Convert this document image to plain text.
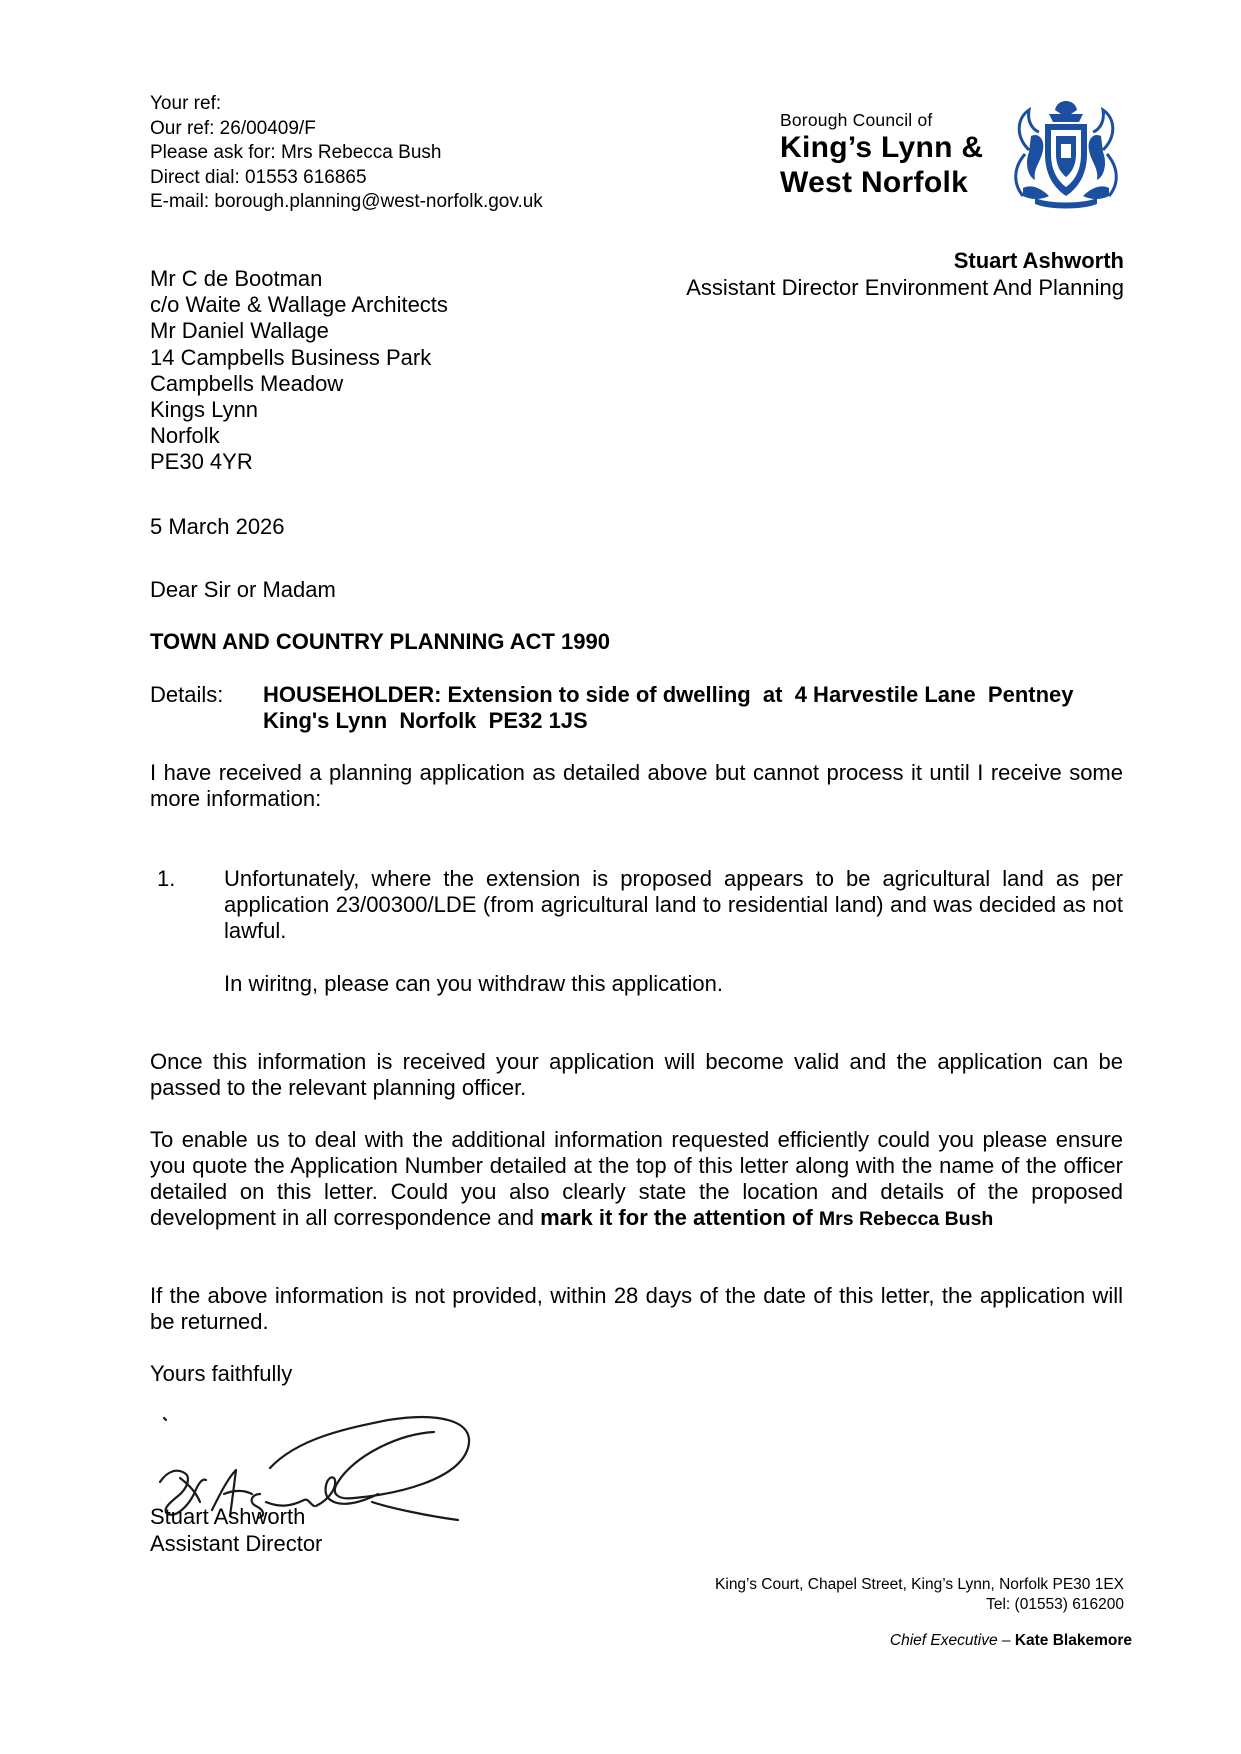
Your ref:
Our ref: 26/00409/F
Please ask for: Mrs Rebecca Bush
Direct dial: 01553 616865
E-mail: borough.planning@west-norfolk.gov.uk
Borough Council of
King’s Lynn &
West Norfolk
Stuart Ashworth
Assistant Director Environment And Planning
Mr C de Bootman
c/o Waite & Wallage Architects
Mr Daniel Wallage
14 Campbells Business Park
Campbells Meadow
Kings Lynn
Norfolk
PE30 4YR
5 March 2026
Dear Sir or Madam
TOWN AND COUNTRY PLANNING ACT 1990
Details: HOUSEHOLDER: Extension to side of dwelling  at  4 Harvestile Lane  Pentney
King's Lynn  Norfolk  PE32 1JS
I have received a planning application as detailed above but cannot process it until I receive some more information:
1. Unfortunately, where the extension is proposed appears to be agricultural land as per application 23/00300/LDE (from agricultural land to residential land) and was decided as not lawful.
In wiritng, please can you withdraw this application.
Once this information is received your application will become valid and the application can be passed to the relevant planning officer.
To enable us to deal with the additional information requested efficiently could you please ensure you quote the Application Number detailed at the top of this letter along with the name of the officer detailed on this letter. Could you also clearly state the location and details of the proposed development in all correspondence and mark it for the attention of Mrs Rebecca Bush
If the above information is not provided, within 28 days of the date of this letter, the application will be returned.
Yours faithfully
Stuart Ashworth
Assistant Director
King’s Court, Chapel Street, King’s Lynn, Norfolk PE30 1EX
Tel: (01553) 616200
Chief Executive – Kate Blakemore
